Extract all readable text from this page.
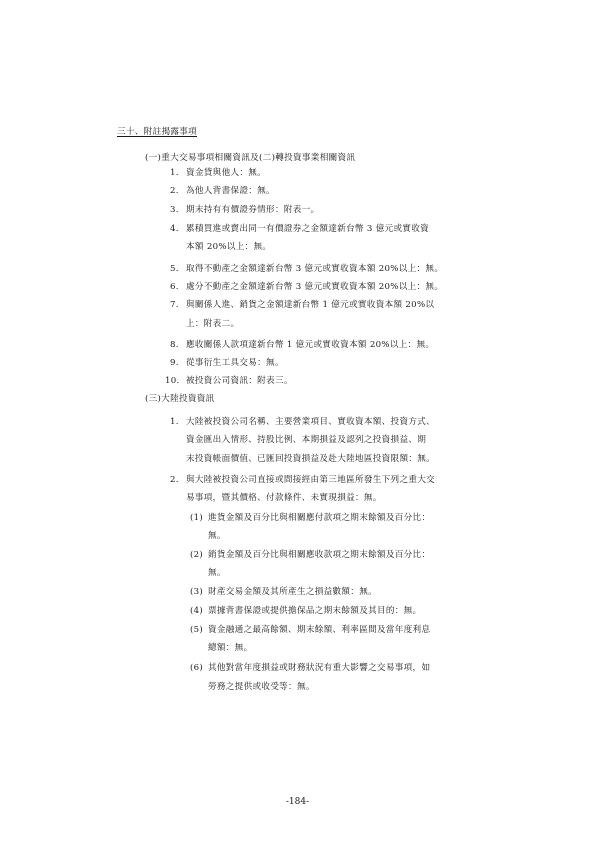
三十、附註揭露事項
(一)重大交易事項相關資訊及(二)轉投資事業相關資訊
1. 資金貸與他人：無。
2. 為他人背書保證：無。
3. 期末持有有價證券情形：附表一。
4. 累積買進或賣出同一有價證券之金額達新台幣 3 億元或實收資
本額 20%以上：無。
5. 取得不動產之金額達新台幣 3 億元或實收資本額 20%以上：無。
6. 處分不動產之金額達新台幣 3 億元或實收資本額 20%以上：無。
7. 與關係人進、銷貨之金額達新台幣 1 億元或實收資本額 20%以
上：附表二。
8. 應收關係人款項達新台幣 1 億元或實收資本額 20%以上：無。
9. 從事衍生工具交易：無。
10. 被投資公司資訊：附表三。
(三)大陸投資資訊
1. 大陸被投資公司名稱、主要營業項目、實收資本額、投資方式、
資金匯出入情形、持股比例、本期損益及認列之投資損益、期
末投資帳面價值、已匯回投資損益及赴大陸地區投資限額：無。
2. 與大陸被投資公司直接或間接經由第三地區所發生下列之重大交
易事項，暨其價格、付款條件、未實現損益：無。
(1) 進貨金額及百分比與相關應付款項之期末餘額及百分比：
無。
(2) 銷貨金額及百分比與相關應收款項之期末餘額及百分比：
無。
(3) 財產交易金額及其所產生之損益數額：無。
(4) 票據背書保證或提供擔保品之期末餘額及其目的：無。
(5) 資金融通之最高餘額、期末餘額、利率區間及當年度利息
總額：無。
(6) 其他對當年度損益或財務狀況有重大影響之交易事項，如
勞務之提供或收受等：無。
-184-
